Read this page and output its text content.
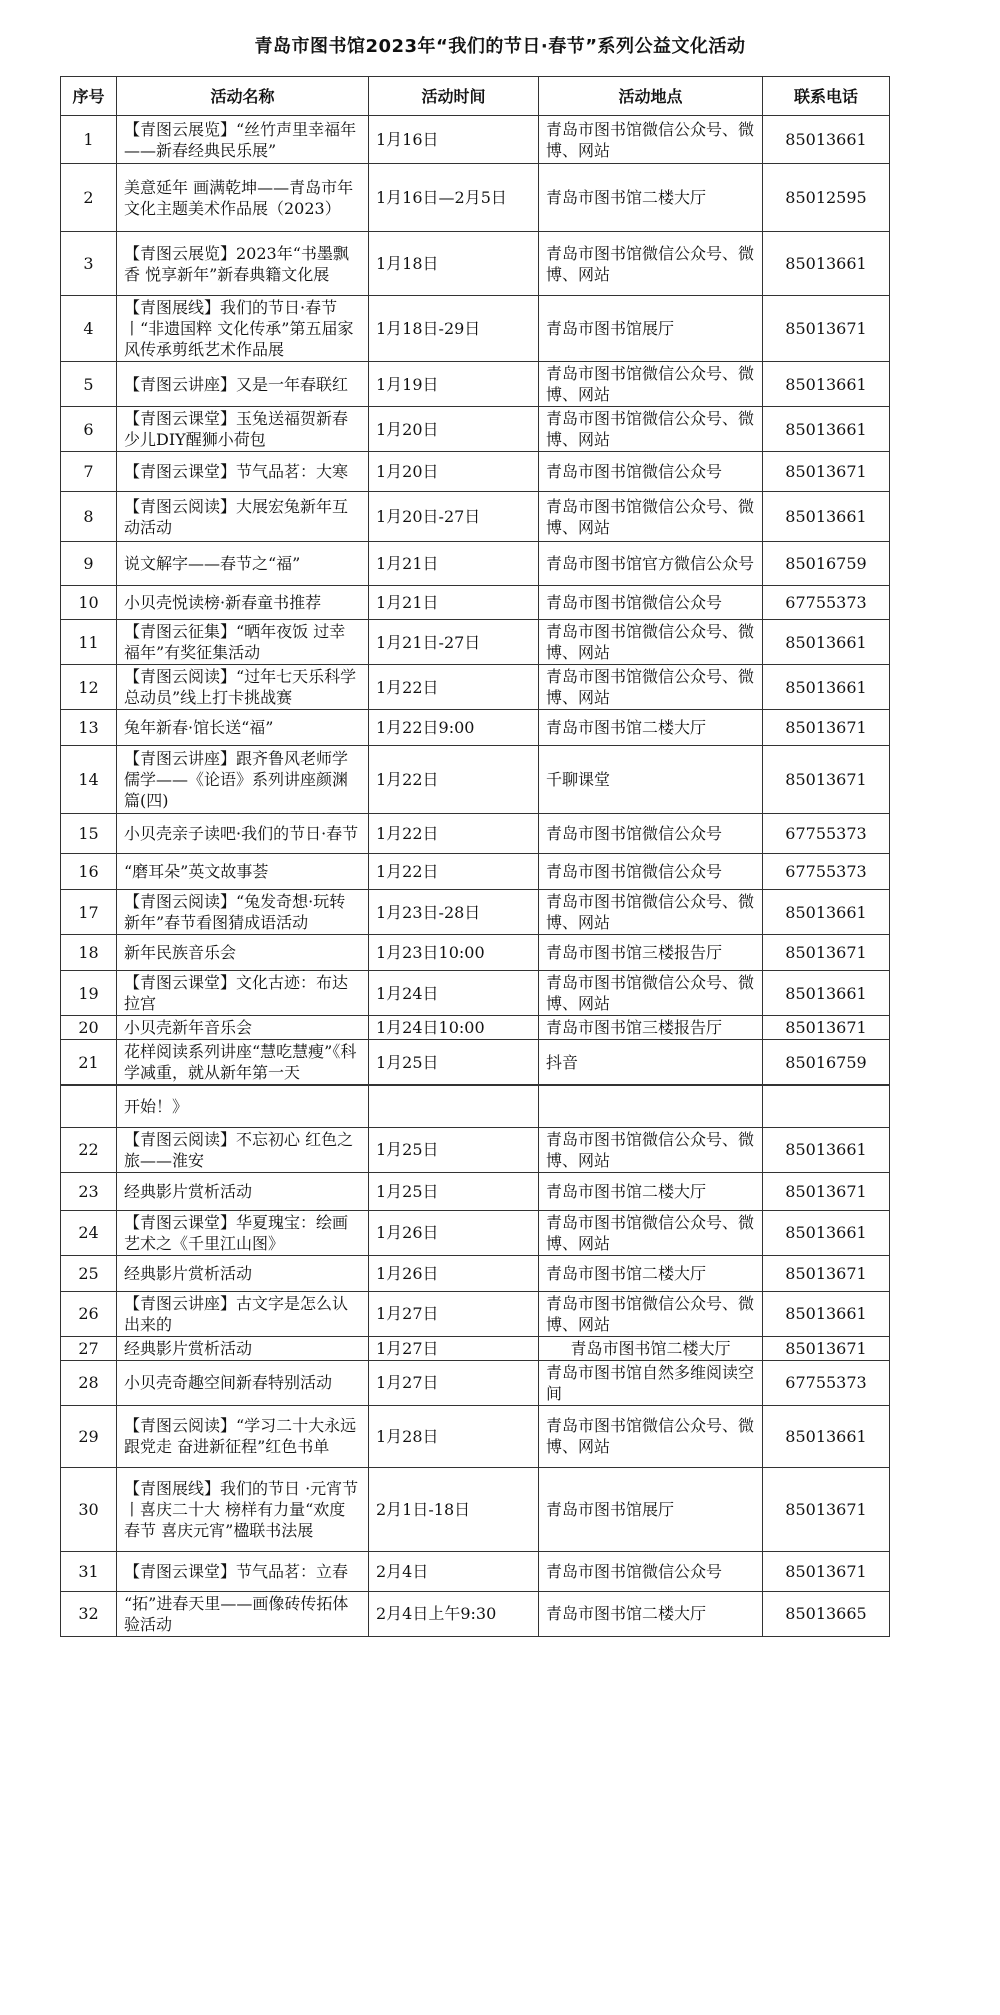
青岛市图书馆2023年“我们的节日·春节”系列公益文化活动
序号	活动名称	活动时间	活动地点	联系电话
1	【青图云展览】“丝竹声里幸福年——新春经典民乐展”	1月16日	青岛市图书馆微信公众号、微博、网站	85013661
2	美意延年 画满乾坤——青岛市年文化主题美术作品展（2023）	1月16日—2月5日	青岛市图书馆二楼大厅	85012595
3	【青图云展览】2023年“书墨飘香 悦享新年”新春典籍文化展	1月18日	青岛市图书馆微信公众号、微博、网站	85013661
4	【青图展线】我们的节日·春节丨“非遗国粹 文化传承”第五届家风传承剪纸艺术作品展	1月18日-29日	青岛市图书馆展厅	85013671
5	【青图云讲座】又是一年春联红	1月19日	青岛市图书馆微信公众号、微博、网站	85013661
6	【青图云课堂】玉兔送福贺新春少儿DIY醒狮小荷包	1月20日	青岛市图书馆微信公众号、微博、网站	85013661
7	【青图云课堂】节气品茗：大寒	1月20日	青岛市图书馆微信公众号	85013671
8	【青图云阅读】大展宏兔新年互动活动	1月20日-27日	青岛市图书馆微信公众号、微博、网站	85013661
9	说文解字——春节之“福”	1月21日	青岛市图书馆官方微信公众号	85016759
10	小贝壳悦读榜·新春童书推荐	1月21日	青岛市图书馆微信公众号	67755373
11	【青图云征集】“晒年夜饭 过幸福年”有奖征集活动	1月21日-27日	青岛市图书馆微信公众号、微博、网站	85013661
12	【青图云阅读】“过年七天乐科学总动员”线上打卡挑战赛	1月22日	青岛市图书馆微信公众号、微博、网站	85013661
13	兔年新春·馆长送“福”	1月22日9:00	青岛市图书馆二楼大厅	85013671
14	【青图云讲座】跟齐鲁风老师学儒学——《论语》系列讲座颜渊篇(四)	1月22日	千聊课堂	85013671
15	小贝壳亲子读吧·我们的节日·春节	1月22日	青岛市图书馆微信公众号	67755373
16	“磨耳朵”英文故事荟	1月22日	青岛市图书馆微信公众号	67755373
17	【青图云阅读】“兔发奇想·玩转新年”春节看图猜成语活动	1月23日-28日	青岛市图书馆微信公众号、微博、网站	85013661
18	新年民族音乐会	1月23日10:00	青岛市图书馆三楼报告厅	85013671
19	【青图云课堂】文化古迹：布达拉宫	1月24日	青岛市图书馆微信公众号、微博、网站	85013661
20	小贝壳新年音乐会	1月24日10:00	青岛市图书馆三楼报告厅	85013671
21	花样阅读系列讲座“慧吃慧瘦”《科学减重，就从新年第一天	1月25日	抖音	85016759
	开始！》			
22	【青图云阅读】不忘初心 红色之旅——淮安	1月25日	青岛市图书馆微信公众号、微博、网站	85013661
23	经典影片赏析活动	1月25日	青岛市图书馆二楼大厅	85013671
24	【青图云课堂】华夏瑰宝：绘画艺术之《千里江山图》	1月26日	青岛市图书馆微信公众号、微博、网站	85013661
25	经典影片赏析活动	1月26日	青岛市图书馆二楼大厅	85013671
26	【青图云讲座】古文字是怎么认出来的	1月27日	青岛市图书馆微信公众号、微博、网站	85013661
27	经典影片赏析活动	1月27日	青岛市图书馆二楼大厅	85013671
28	小贝壳奇趣空间新春特别活动	1月27日	青岛市图书馆自然多维阅读空间	67755373
29	【青图云阅读】“学习二十大永远跟党走 奋进新征程”红色书单	1月28日	青岛市图书馆微信公众号、微博、网站	85013661
30	【青图展线】我们的节日 ·元宵节丨喜庆二十大 榜样有力量“欢度春节 喜庆元宵”楹联书法展	2月1日-18日	青岛市图书馆展厅	85013671
31	【青图云课堂】节气品茗：立春	2月4日	青岛市图书馆微信公众号	85013671
32	“拓”进春天里——画像砖传拓体验活动	2月4日上午9:30	青岛市图书馆二楼大厅	85013665
